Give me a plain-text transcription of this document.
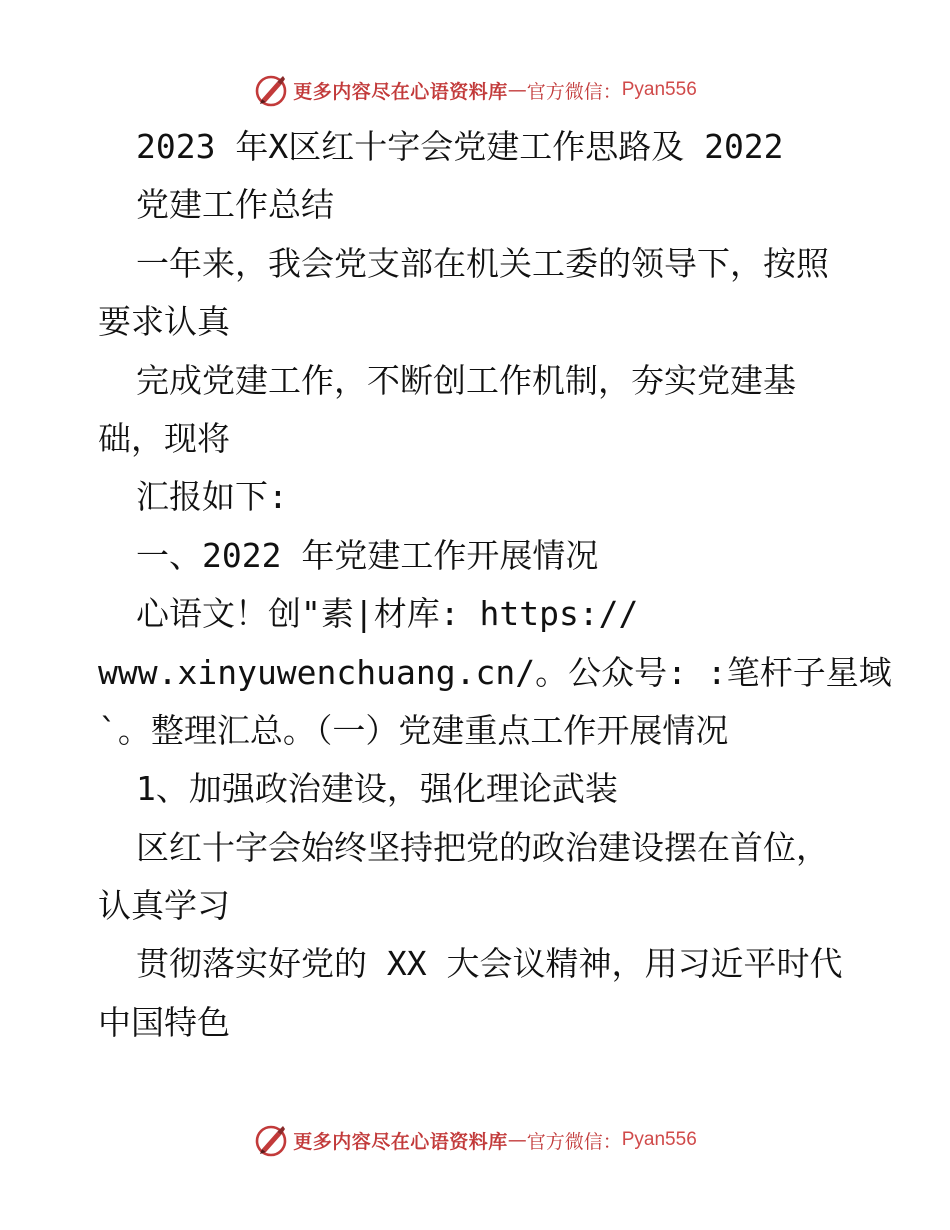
更多内容尽在心语资料库 — 官方微信： Pyan556
2023 年X区红十字会党建工作思路及 2022
党建工作总结
一年来，我会党支部在机关工委的领导下，按照
要求认真
完成党建工作，不断创工作机制，夯实党建基
础，现将
汇报如下:
一、2022 年党建工作开展情况
心语文！创"素|材库: https://
www.xinyuwenchuang.cn/。公众号: :笔杆子星域
`。整理汇总。（一）党建重点工作开展情况
1、加强政治建设，强化理论武装
区红十字会始终坚持把党的政治建设摆在首位，
认真学习
贯彻落实好党的 XX 大会议精神，用习近平时代
中国特色
更多内容尽在心语资料库 — 官方微信： Pyan556
